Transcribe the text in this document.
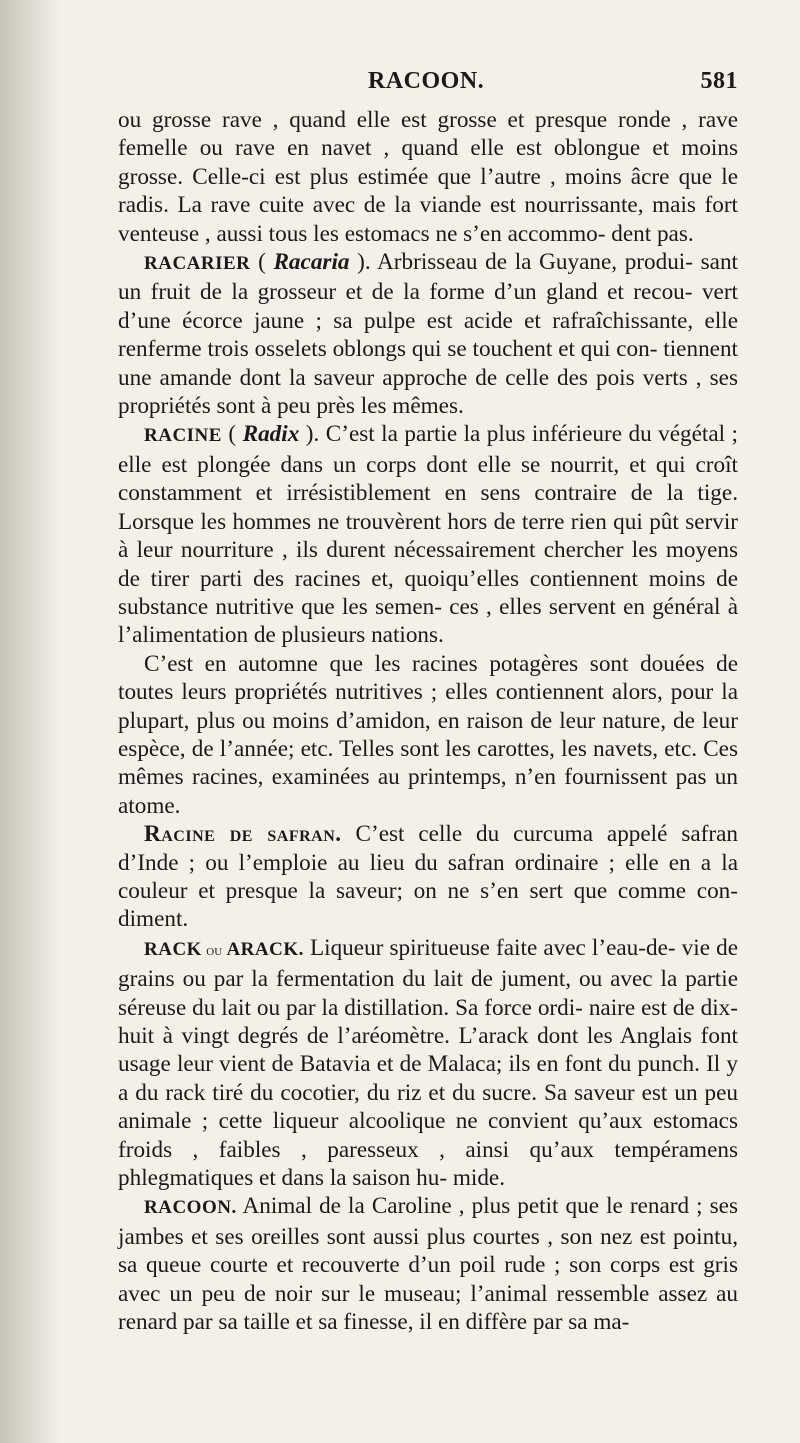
RACOON.	581

ou grosse rave , quand elle est grosse et presque ronde , rave femelle ou rave en navet , quand elle est oblongue et moins grosse. Celle-ci est plus estimée que l’autre , moins âcre que le radis. La rave cuite avec de la viande est nourrissante, mais fort venteuse , aussi tous les estomacs ne s’en accommo- dent pas.

RACARIER ( Racaria ). Arbrisseau de la Guyane, produi- sant un fruit de la grosseur et de la forme d’un gland et recou- vert d’une écorce jaune ; sa pulpe est acide et rafraîchissante, elle renferme trois osselets oblongs qui se touchent et qui con- tiennent une amande dont la saveur approche de celle des pois verts , ses propriétés sont à peu près les mêmes.

RACINE ( Radix ). C’est la partie la plus inférieure du végétal ; elle est plongée dans un corps dont elle se nourrit, et qui croît constamment et irrésistiblement en sens contraire de la tige. Lorsque les hommes ne trouvèrent hors de terre rien qui pût servir à leur nourriture , ils durent nécessairement chercher les moyens de tirer parti des racines et, quoiqu’elles contiennent moins de substance nutritive que les semen- ces , elles servent en général à l’alimentation de plusieurs nations.

C’est en automne que les racines potagères sont douées de toutes leurs propriétés nutritives ; elles contiennent alors, pour la plupart, plus ou moins d’amidon, en raison de leur nature, de leur espèce, de l’année; etc. Telles sont les carottes, les navets, etc. Ces mêmes racines, examinées au printemps, n’en fournissent pas un atome.

Racine de safran. C’est celle du curcuma appelé safran d’Inde ; ou l’emploie au lieu du safran ordinaire ; elle en a la couleur et presque la saveur; on ne s’en sert que comme con- diment.

RACK ou ARACK. Liqueur spiritueuse faite avec l’eau-de- vie de grains ou par la fermentation du lait de jument, ou avec la partie séreuse du lait ou par la distillation. Sa force ordi- naire est de dix-huit à vingt degrés de l’aréomètre. L’arack dont les Anglais font usage leur vient de Batavia et de Malaca; ils en font du punch. Il y a du rack tiré du cocotier, du riz et du sucre. Sa saveur est un peu animale ; cette liqueur alcoolique ne convient qu’aux estomacs froids , faibles , paresseux , ainsi qu’aux tempéramens phlegmatiques et dans la saison hu- mide.

RACOON. Animal de la Caroline , plus petit que le renard ; ses jambes et ses oreilles sont aussi plus courtes , son nez est pointu, sa queue courte et recouverte d’un poil rude ; son corps est gris avec un peu de noir sur le museau; l’animal ressemble assez au renard par sa taille et sa finesse, il en diffère par sa ma-
